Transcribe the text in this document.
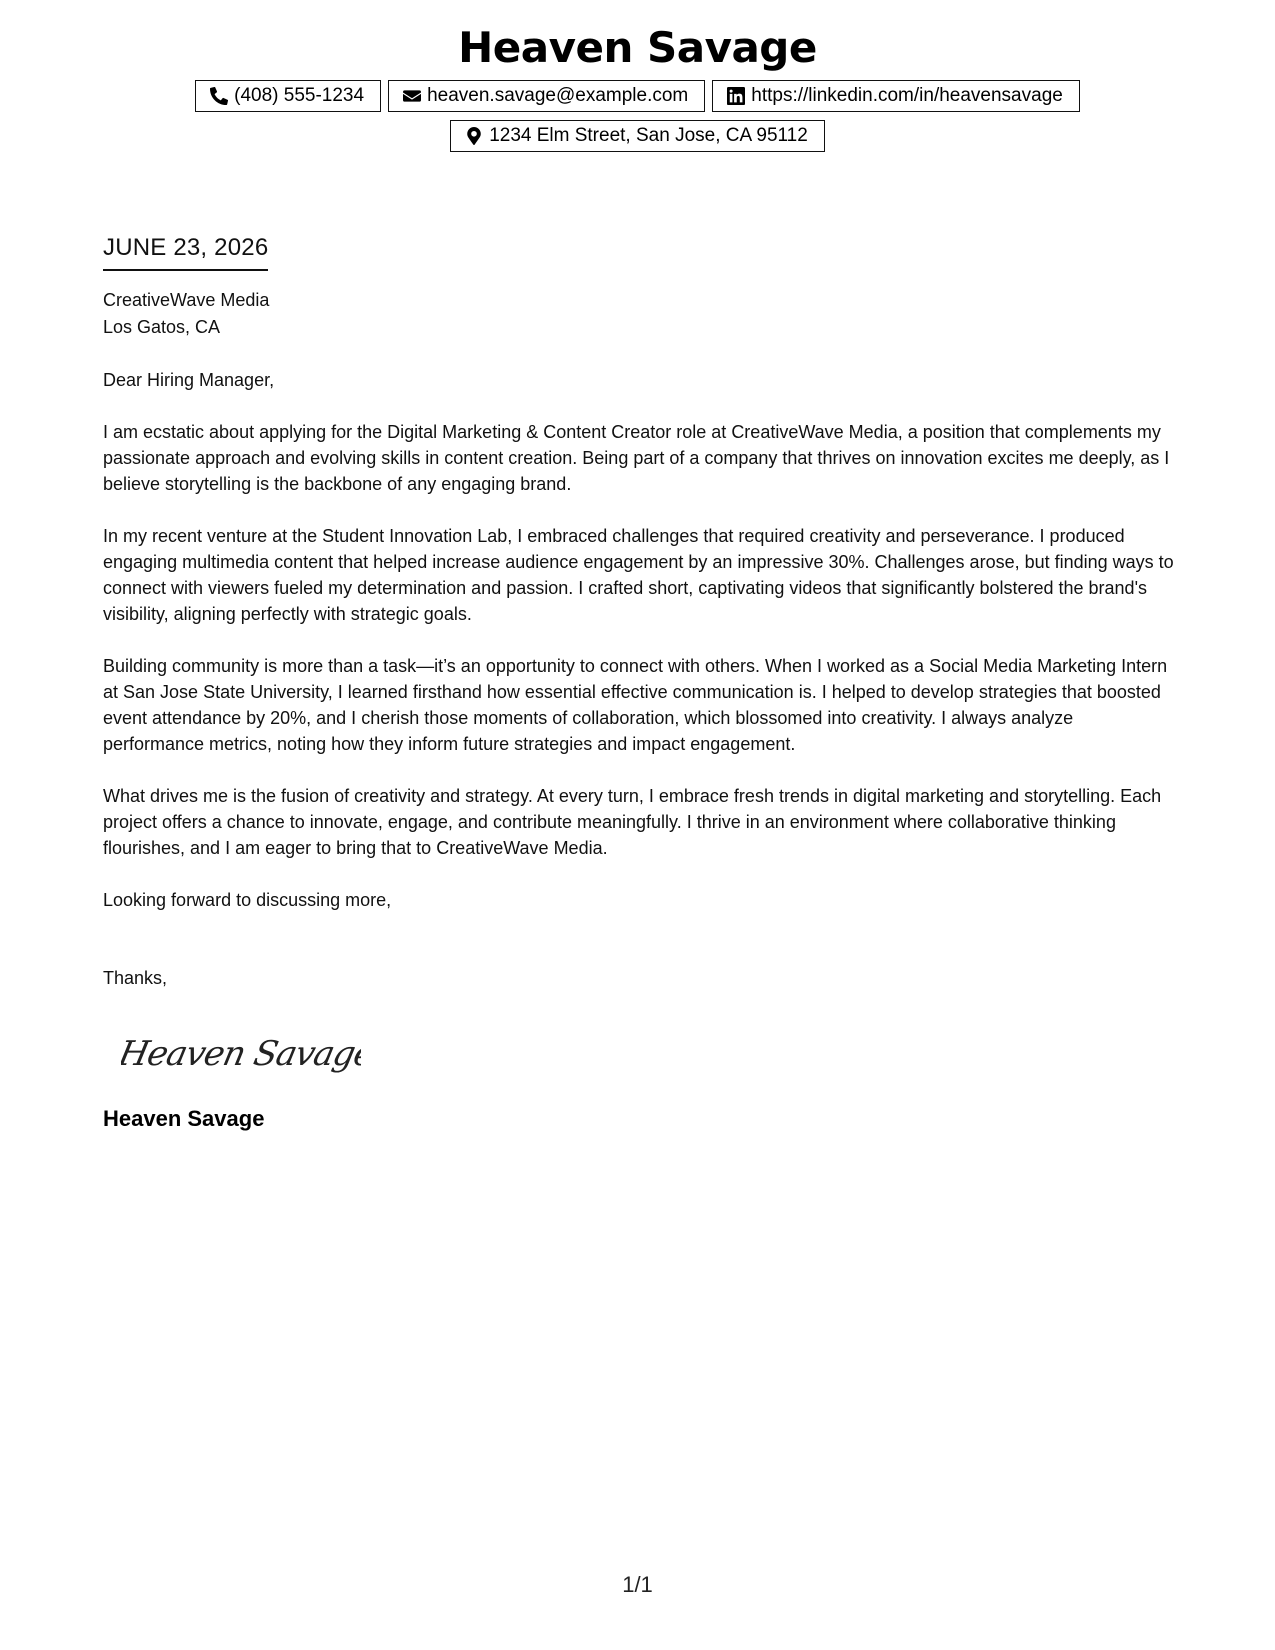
Heaven Savage
(408) 555-1234	heaven.savage@example.com	https://linkedin.com/in/heavensavage
1234 Elm Street, San Jose, CA 95112
JUNE 23, 2026
CreativeWave Media
Los Gatos, CA
Dear Hiring Manager,

I am ecstatic about applying for the Digital Marketing & Content Creator role at CreativeWave Media, a position that complements my passionate approach and evolving skills in content creation. Being part of a company that thrives on innovation excites me deeply, as I believe storytelling is the backbone of any engaging brand.

In my recent venture at the Student Innovation Lab, I embraced challenges that required creativity and perseverance. I produced engaging multimedia content that helped increase audience engagement by an impressive 30%. Challenges arose, but finding ways to connect with viewers fueled my determination and passion. I crafted short, captivating videos that significantly bolstered the brand's visibility, aligning perfectly with strategic goals.

Building community is more than a task—it’s an opportunity to connect with others. When I worked as a Social Media Marketing Intern at San Jose State University, I learned firsthand how essential effective communication is. I helped to develop strategies that boosted event attendance by 20%, and I cherish those moments of collaboration, which blossomed into creativity. I always analyze performance metrics, noting how they inform future strategies and impact engagement.

What drives me is the fusion of creativity and strategy. At every turn, I embrace fresh trends in digital marketing and storytelling. Each project offers a chance to innovate, engage, and contribute meaningfully. I thrive in an environment where collaborative thinking flourishes, and I am eager to bring that to CreativeWave Media.

Looking forward to discussing more,
Thanks,
Heaven Savage
Heaven Savage
1/1
